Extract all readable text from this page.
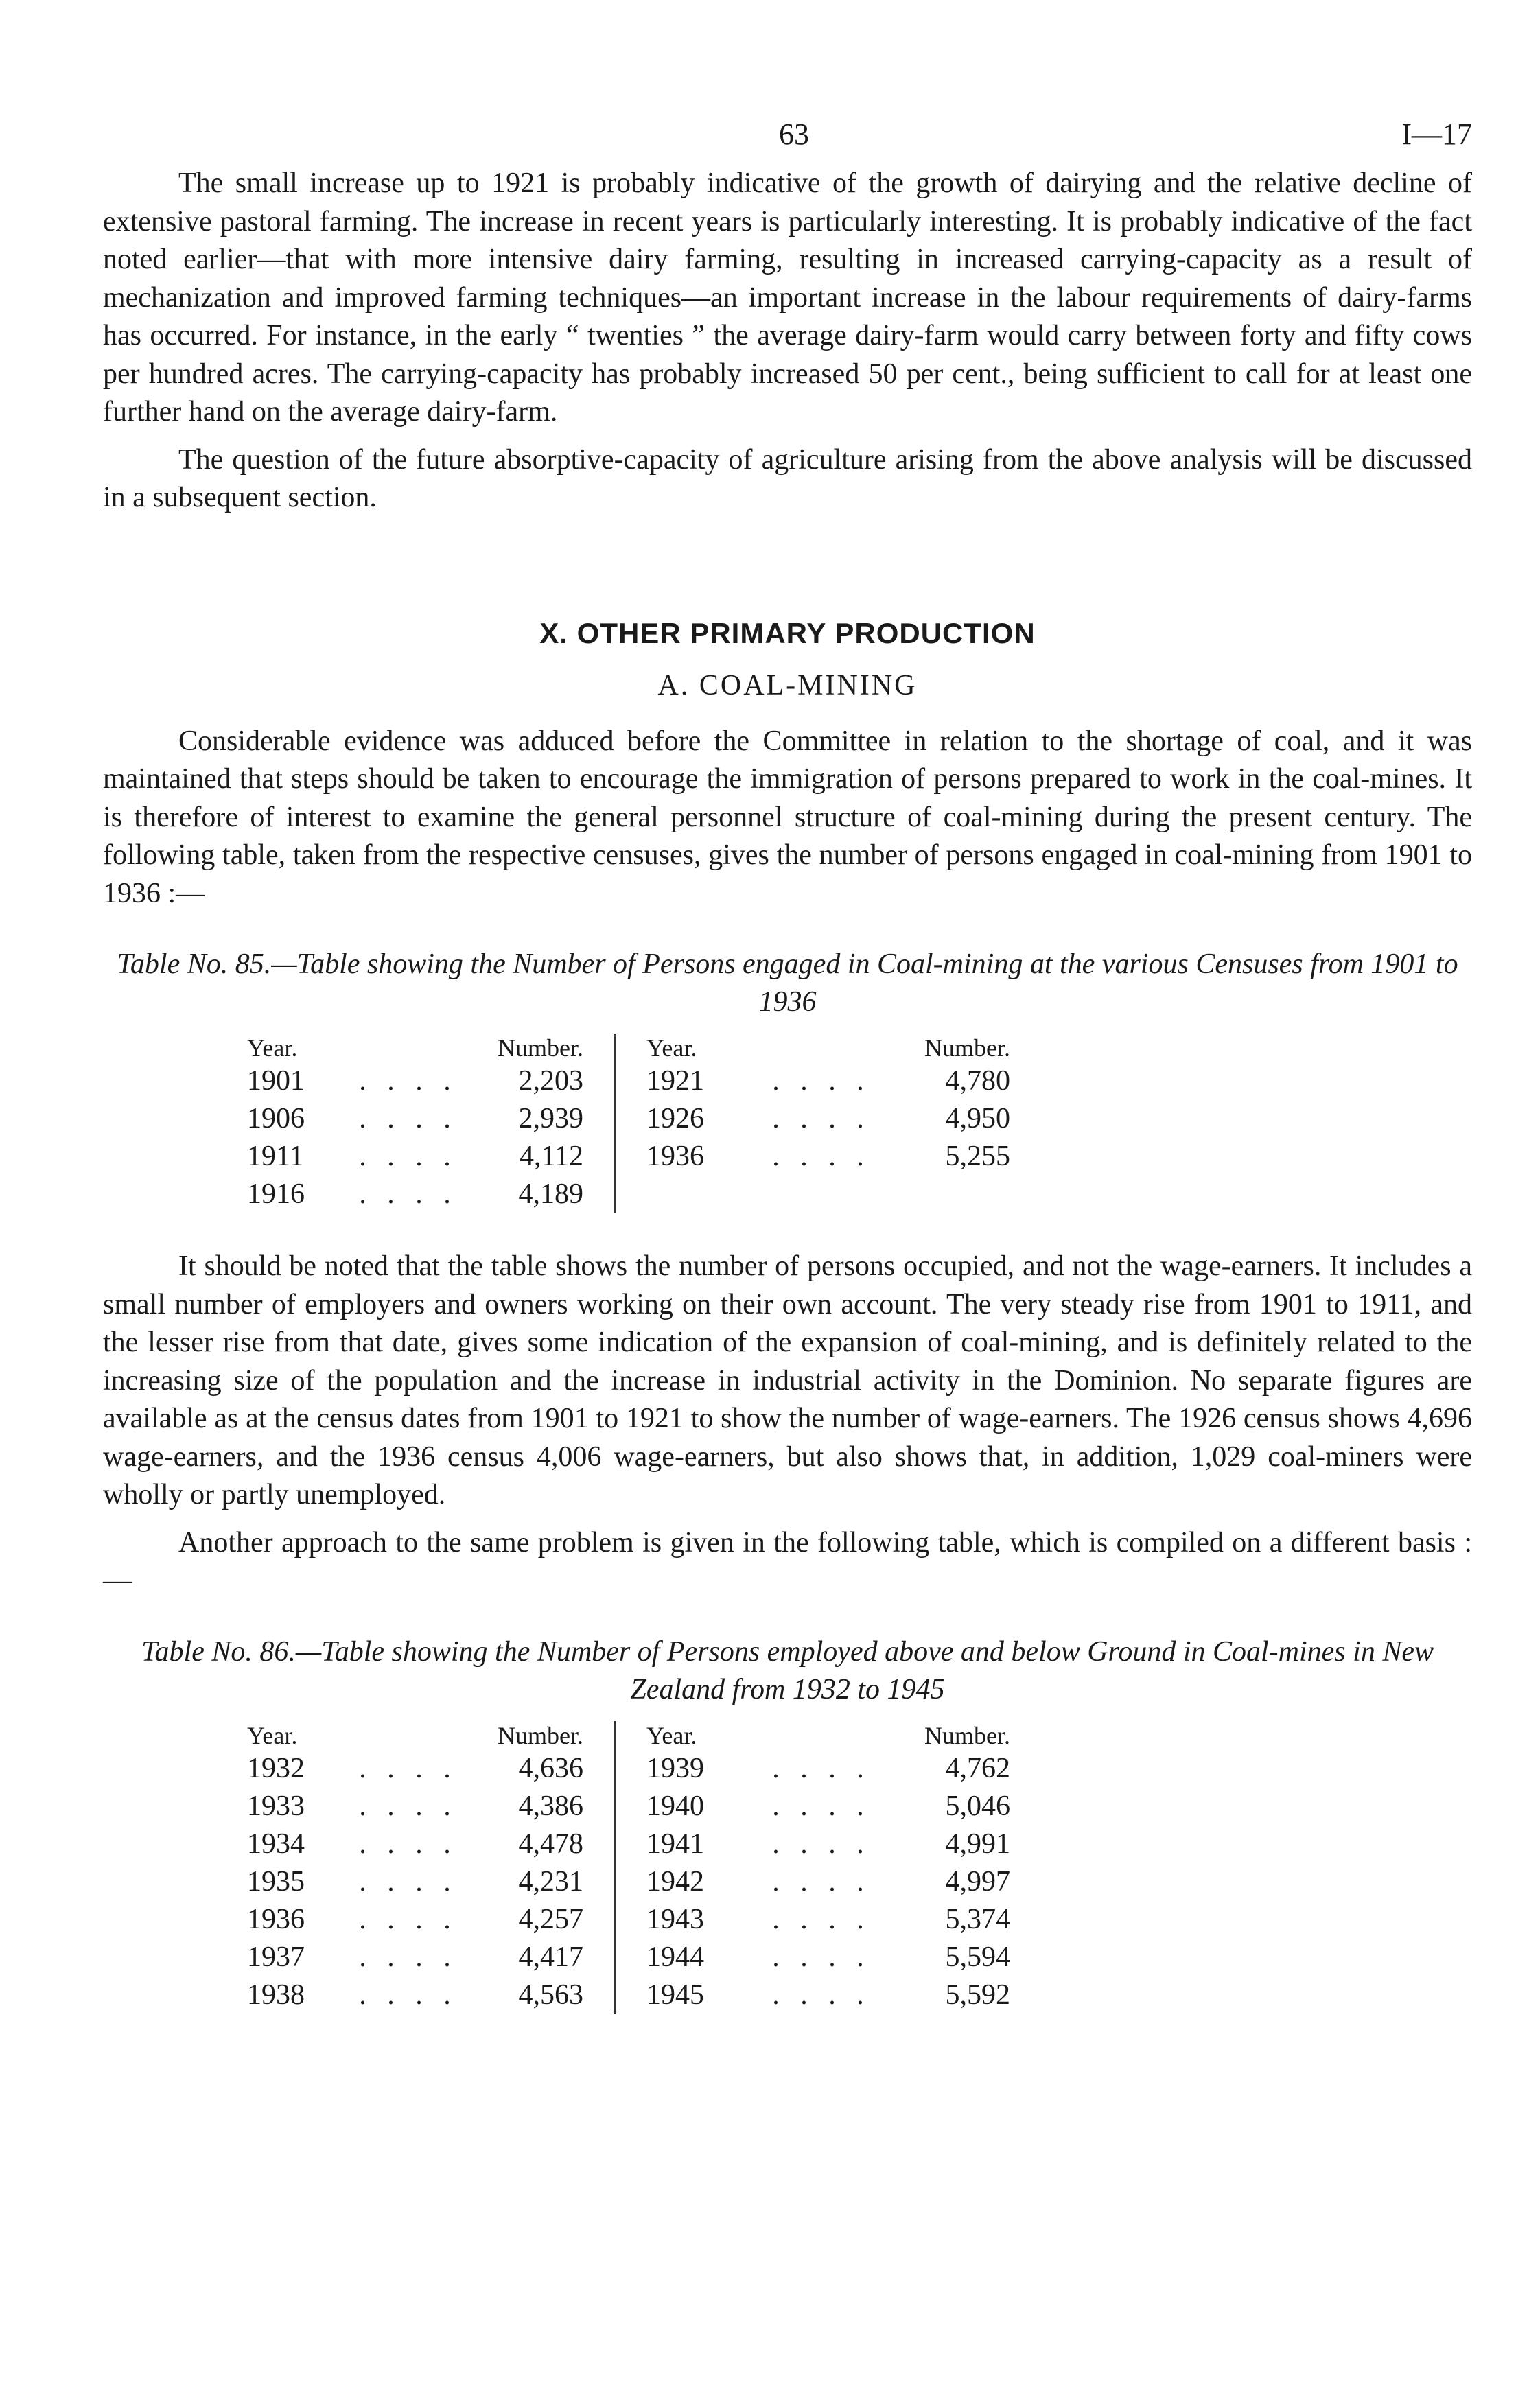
63	I—17

The small increase up to 1921 is probably indicative of the growth of dairying and the relative decline of extensive pastoral farming. The increase in recent years is particularly interesting. It is probably indicative of the fact noted earlier—that with more intensive dairy farming, resulting in increased carrying-capacity as a result of mechanization and improved farming techniques—an important increase in the labour requirements of dairy-farms has occurred. For instance, in the early “ twenties ” the average dairy-farm would carry between forty and fifty cows per hundred acres. The carrying-capacity has probably increased 50 per cent., being sufficient to call for at least one further hand on the average dairy-farm.

The question of the future absorptive-capacity of agriculture arising from the above analysis will be discussed in a subsequent section.

X. OTHER PRIMARY PRODUCTION
A. COAL-MINING

Considerable evidence was adduced before the Committee in relation to the shortage of coal, and it was maintained that steps should be taken to encourage the immigration of persons prepared to work in the coal-mines. It is therefore of interest to examine the general personnel structure of coal-mining during the present century. The following table, taken from the respective censuses, gives the number of persons engaged in coal-mining from 1901 to 1936 :—

Table No. 85.—Table showing the Number of Persons engaged in Coal-mining at the various Censuses from 1901 to 1936

Year.		Number.		Year.		Number.
1901	. . . .	2,203		1921	. . . .	4,780
1906	. . . .	2,939		1926	. . . .	4,950
1911	. . . .	4,112		1936	. . . .	5,255
1916	. . . .	4,189				

It should be noted that the table shows the number of persons occupied, and not the wage-earners. It includes a small number of employers and owners working on their own account. The very steady rise from 1901 to 1911, and the lesser rise from that date, gives some indication of the expansion of coal-mining, and is definitely related to the increasing size of the population and the increase in industrial activity in the Dominion. No separate figures are available as at the census dates from 1901 to 1921 to show the number of wage-earners. The 1926 census shows 4,696 wage-earners, and the 1936 census 4,006 wage-earners, but also shows that, in addition, 1,029 coal-miners were wholly or partly unemployed.

Another approach to the same problem is given in the following table, which is compiled on a different basis :—

Table No. 86.—Table showing the Number of Persons employed above and below Ground in Coal-mines in New Zealand from 1932 to 1945

Year.		Number.		Year.		Number.
1932	. . . .	4,636		1939	. . . .	4,762
1933	. . . .	4,386		1940	. . . .	5,046
1934	. . . .	4,478		1941	. . . .	4,991
1935	. . . .	4,231		1942	. . . .	4,997
1936	. . . .	4,257		1943	. . . .	5,374
1937	. . . .	4,417		1944	. . . .	5,594
1938	. . . .	4,563		1945	. . . .	5,592
